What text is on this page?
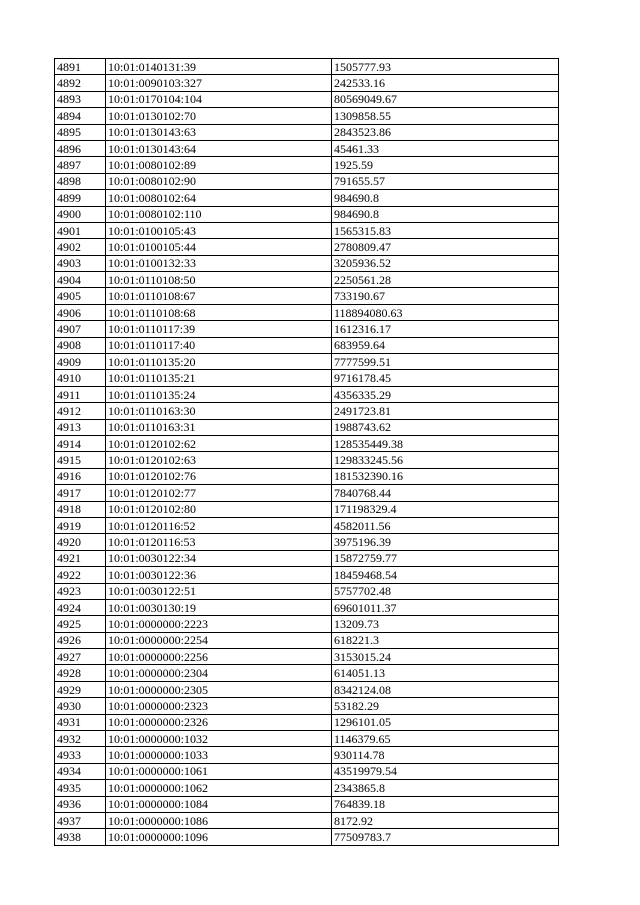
4891	10:01:0140131:39	1505777.93
4892	10:01:0090103:327	242533.16
4893	10:01:0170104:104	80569049.67
4894	10:01:0130102:70	1309858.55
4895	10:01:0130143:63	2843523.86
4896	10:01:0130143:64	45461.33
4897	10:01:0080102:89	1925.59
4898	10:01:0080102:90	791655.57
4899	10:01:0080102:64	984690.8
4900	10:01:0080102:110	984690.8
4901	10:01:0100105:43	1565315.83
4902	10:01:0100105:44	2780809.47
4903	10:01:0100132:33	3205936.52
4904	10:01:0110108:50	2250561.28
4905	10:01:0110108:67	733190.67
4906	10:01:0110108:68	118894080.63
4907	10:01:0110117:39	1612316.17
4908	10:01:0110117:40	683959.64
4909	10:01:0110135:20	7777599.51
4910	10:01:0110135:21	9716178.45
4911	10:01:0110135:24	4356335.29
4912	10:01:0110163:30	2491723.81
4913	10:01:0110163:31	1988743.62
4914	10:01:0120102:62	128535449.38
4915	10:01:0120102:63	129833245.56
4916	10:01:0120102:76	181532390.16
4917	10:01:0120102:77	7840768.44
4918	10:01:0120102:80	171198329.4
4919	10:01:0120116:52	4582011.56
4920	10:01:0120116:53	3975196.39
4921	10:01:0030122:34	15872759.77
4922	10:01:0030122:36	18459468.54
4923	10:01:0030122:51	5757702.48
4924	10:01:0030130:19	69601011.37
4925	10:01:0000000:2223	13209.73
4926	10:01:0000000:2254	618221.3
4927	10:01:0000000:2256	3153015.24
4928	10:01:0000000:2304	614051.13
4929	10:01:0000000:2305	8342124.08
4930	10:01:0000000:2323	53182.29
4931	10:01:0000000:2326	1296101.05
4932	10:01:0000000:1032	1146379.65
4933	10:01:0000000:1033	930114.78
4934	10:01:0000000:1061	43519979.54
4935	10:01:0000000:1062	2343865.8
4936	10:01:0000000:1084	764839.18
4937	10:01:0000000:1086	8172.92
4938	10:01:0000000:1096	77509783.7
